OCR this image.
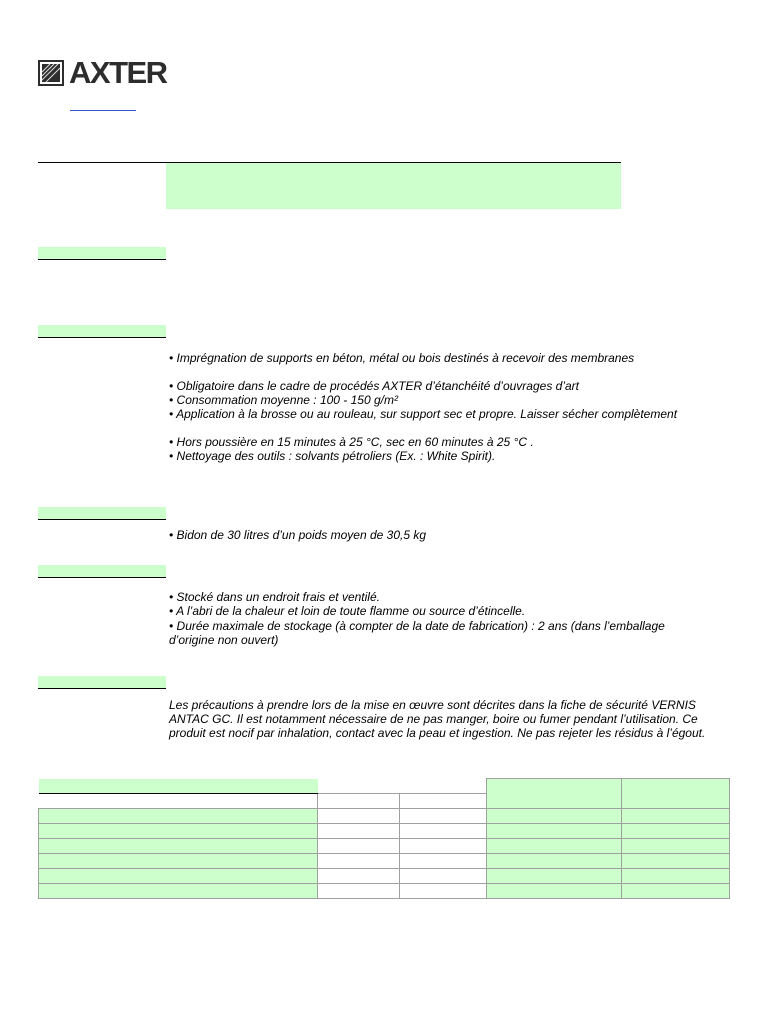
AXTER
• Imprégnation de supports en béton, métal ou bois destinés à recevoir des membranes
• Obligatoire dans le cadre de procédés AXTER d’étanchéité d’ouvrages d’art
• Consommation moyenne : 100 - 150 g/m²
• Application à la brosse ou au rouleau, sur support sec et propre. Laisser sécher complètement
• Hors poussière en 15 minutes à 25 °C, sec en 60 minutes à 25 °C .
• Nettoyage des outils : solvants pétroliers (Ex. : White Spirit).
• Bidon de 30 litres d’un poids moyen de 30,5 kg
• Stocké dans un endroit frais et ventilé.
• A l’abri de la chaleur et loin de toute flamme ou source d’étincelle.
• Durée maximale de stockage (à compter de la date de fabrication) : 2 ans (dans l’emballage d’origine non ouvert)
Les précautions à prendre lors de la mise en œuvre sont décrites dans la fiche de sécurité VERNIS ANTAC GC. Il est notamment nécessaire de ne pas manger, boire ou fumer pendant l’utilisation. Ce produit est nocif par inhalation, contact avec la peau et ingestion. Ne pas rejeter les résidus à l’égout.
